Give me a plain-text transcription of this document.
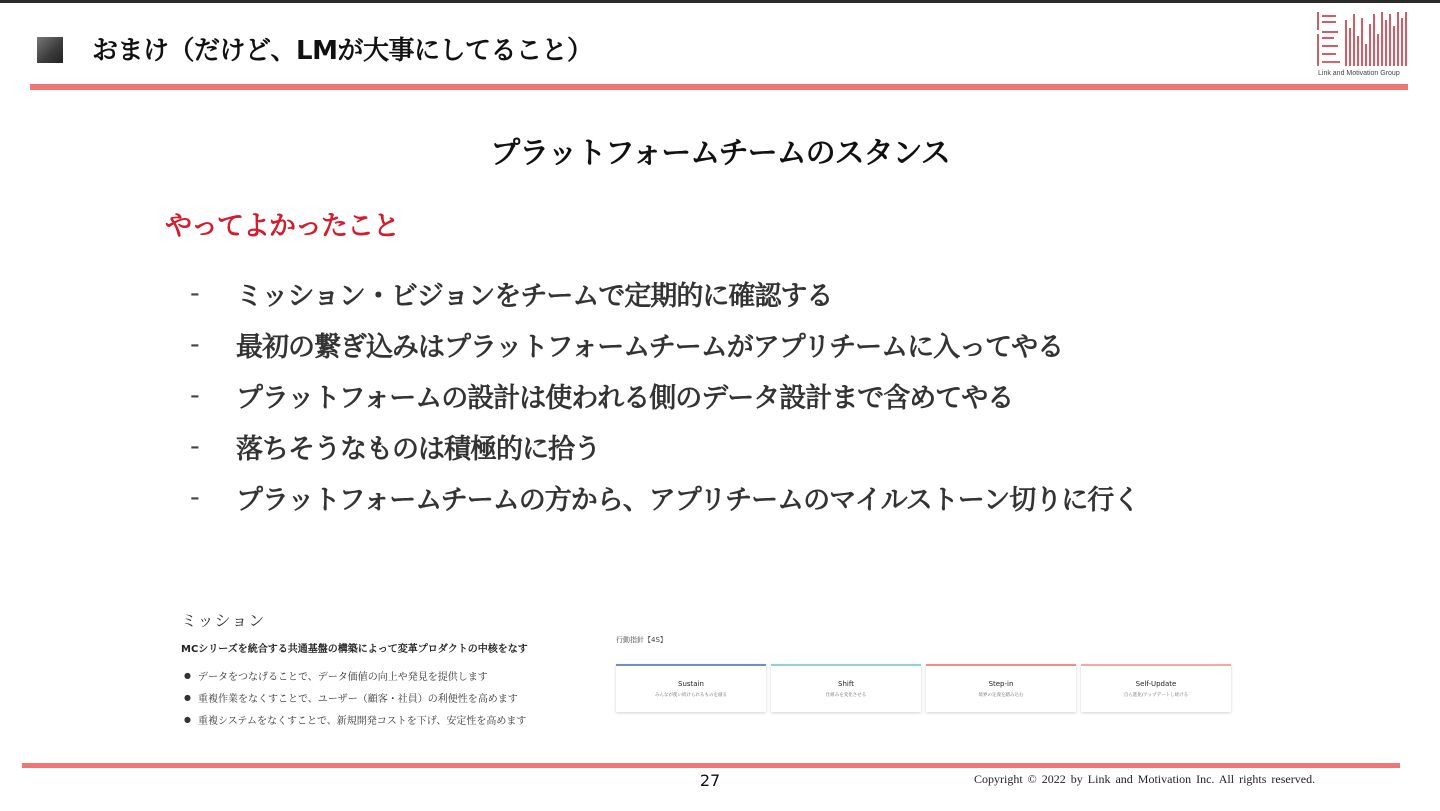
おまけ（だけど、LMが大事にしてること）
Link and Motivation Group
プラットフォームチームのスタンス
やってよかったこと
-	ミッション・ビジョンをチームで定期的に確認する
-	最初の繋ぎ込みはプラットフォームチームがアプリチームに入ってやる
-	プラットフォームの設計は使われる側のデータ設計まで含めてやる
-	落ちそうなものは積極的に拾う
-	プラットフォームチームの方から、アプリチームのマイルストーン切りに行く
ミッション
MCシリーズを統合する共通基盤の構築によって変革プロダクトの中核をなす
● データをつなげることで、データ価値の向上や発見を提供します
● 重複作業をなくすことで、ユーザー（顧客・社員）の利便性を高めます
● 重複システムをなくすことで、新規開発コストを下げ、安定性を高めます
行動指針【4S】
Sustain
みんなが使い続けられるものを創る
Shift
仕組みを変化させる
Step-in
境界の定義を踏み込む
Self-Update
自ら進化/アップデートし続ける
27	Copyright © 2022 by Link and Motivation Inc. All rights reserved.
